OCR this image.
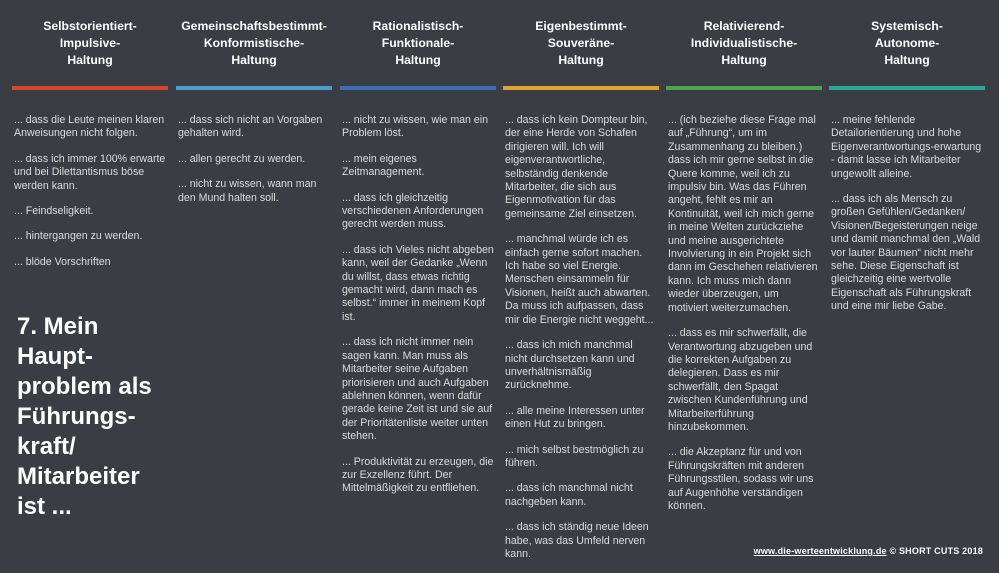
Selbstorientiert-
Impulsive-
Haltung

... dass die Leute meinen klaren Anweisungen nicht folgen.

... dass ich immer 100% erwarte und bei Dilettantismus böse werden kann.

... Feindseligkeit.

... hintergangen zu werden.

... blöde Vorschriften

Gemeinschaftsbestimmt-
Konformistische-
Haltung

... dass sich nicht an Vorgaben gehalten wird.

... allen gerecht zu werden.

... nicht zu wissen, wann man den Mund halten soll.

Rationalistisch-
Funktionale-
Haltung

... nicht zu wissen, wie man ein Problem löst.

... mein eigenes Zeitmanagement.

... dass ich gleichzeitig verschiedenen Anforderungen gerecht werden muss.

... dass ich Vieles nicht abgeben kann, weil der Gedanke „Wenn du willst, dass etwas richtig gemacht wird, dann mach es selbst.“ immer in meinem Kopf ist.

... dass ich nicht immer nein sagen kann. Man muss als Mitarbeiter seine Aufgaben priorisieren und auch Aufgaben ablehnen können, wenn dafür gerade keine Zeit ist und sie auf der Prioritätenliste weiter unten stehen.

... Produktivität zu erzeugen, die zur Exzellenz führt. Der Mittelmäßigkeit zu entfliehen.

Eigenbestimmt-
Souveräne-
Haltung

... dass ich kein Dompteur bin, der eine Herde von Schafen dirigieren will. Ich will eigenverantwortliche, selbständig denkende Mitarbeiter, die sich aus Eigenmotivation für das gemeinsame Ziel einsetzen.

... manchmal würde ich es einfach gerne sofort machen. Ich habe so viel Energie. Menschen einsammeln für Visionen, heißt auch abwarten. Da muss ich aufpassen, dass mir die Energie nicht weggeht...

... dass ich mich manchmal nicht durchsetzen kann und unverhältnismäßig zurücknehme.

... alle meine Interessen unter einen Hut zu bringen.

... mich selbst bestmöglich zu führen.

... dass ich manchmal nicht nachgeben kann.

... dass ich ständig neue Ideen habe, was das Umfeld nerven kann.

Relativierend-
Individualistische-
Haltung

... (ich beziehe diese Frage mal auf „Führung“, um im Zusammenhang zu bleiben.) dass ich mir gerne selbst in die Quere komme, weil ich zu impulsiv bin. Was das Führen angeht, fehlt es mir an Kontinuität, weil ich mich gerne in meine Welten zurückziehe und meine ausgerichtete Involvierung in ein Projekt sich dann im Geschehen relativieren kann. Ich muss mich dann wieder überzeugen, um motiviert weiterzumachen.

... dass es mir schwerfällt, die Verantwortung abzugeben und die korrekten Aufgaben zu delegieren. Dass es mir schwerfällt, den Spagat zwischen Kundenführung und Mitarbeiterführung hinzubekommen.

... die Akzeptanz für und von Führungskräften mit anderen Führungsstilen, sodass wir uns auf Augenhöhe verständigen können.

Systemisch-
Autonome-
Haltung

... meine fehlende Detailorientierung und hohe Eigenverantwortungs-erwartung - damit lasse ich Mitarbeiter ungewollt alleine.

... dass ich als Mensch zu großen Gefühlen/Gedanken/ Visionen/Begeisterungen neige und damit manchmal den „Wald vor lauter Bäumen“ nicht mehr sehe. Diese Eigenschaft ist gleichzeitig eine wertvolle Eigenschaft als Führungskraft und eine mir liebe Gabe.

7. Mein Haupt-problem als Führungs-kraft/ Mitarbeiter ist ...
www.die-werteentwicklung.de © SHORT CUTS 2018
